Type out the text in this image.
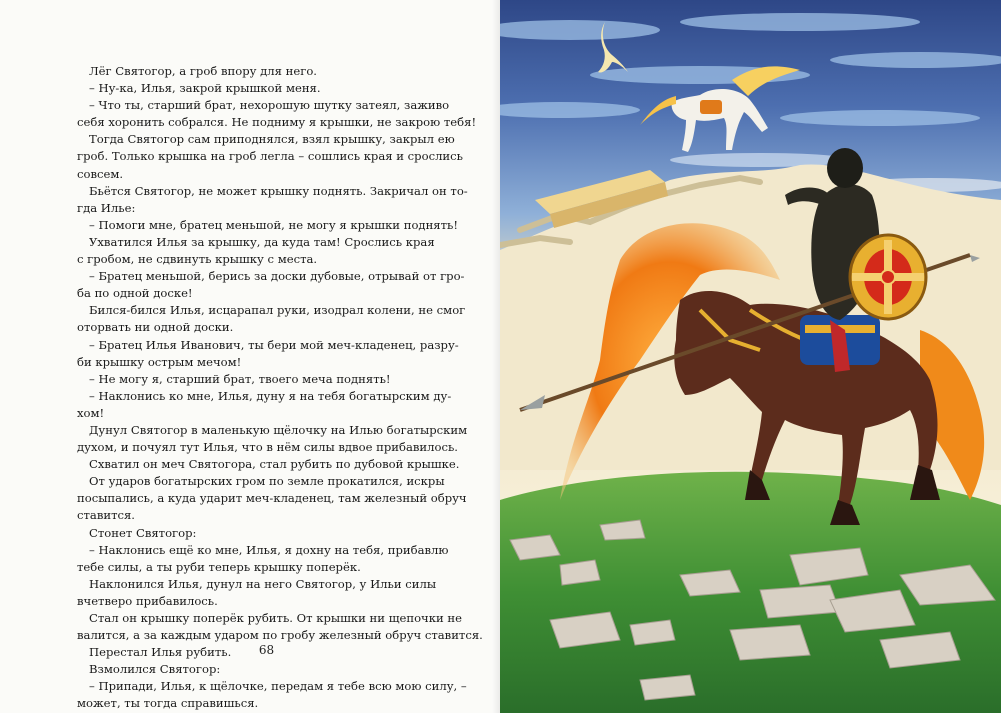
Лёг Святогор, а гроб впору для него.
– Ну-ка, Илья, закрой крышкой меня.
– Что ты, старший брат, нехорошую шутку затеял, заживо
себя хоронить собрался. Не подниму я крышки, не закрою тебя!
Тогда Святогор сам приподнялся, взял крышку, закрыл ею
гроб. Только крышка на гроб легла – сошлись края и срослись
совсем.
Бьётся Святогор, не может крышку поднять. Закричал он то-
гда Илье:
– Помоги мне, братец меньшой, не могу я крышки поднять!
Ухватился Илья за крышку, да куда там! Срослись края
с гробом, не сдвинуть крышку с места.
– Братец меньшой, берись за доски дубовые, отрывай от гро-
ба по одной доске!
Бился-бился Илья, исцарапал руки, изодрал колени, не смог
оторвать ни одной доски.
– Братец Илья Иванович, ты бери мой меч-кладенец, разру-
би крышку острым мечом!
– Не могу я, старший брат, твоего меча поднять!
– Наклонись ко мне, Илья, дуну я на тебя богатырским ду-
хом!
Дунул Святогор в маленькую щёлочку на Илью богатырским
духом, и почуял тут Илья, что в нём силы вдвое прибавилось.
Схватил он меч Святогора, стал рубить по дубовой крышке.
От ударов богатырских гром по земле прокатился, искры
посыпались, а куда ударит меч-кладенец, там железный обруч
ставится.
Стонет Святогор:
– Наклонись ещё ко мне, Илья, я дохну на тебя, прибавлю
тебе силы, а ты руби теперь крышку поперёк.
Наклонился Илья, дунул на него Святогор, у Ильи силы
вчетверо прибавилось.
Стал он крышку поперёк рубить. От крышки ни щепочки не
валится, а за каждым ударом по гробу железный обруч ставится.
Перестал Илья рубить.
Взмолился Святогор:
– Припади, Илья, к щёлочке, передам я тебе всю мою силу, –
может, ты тогда справишься.
68
